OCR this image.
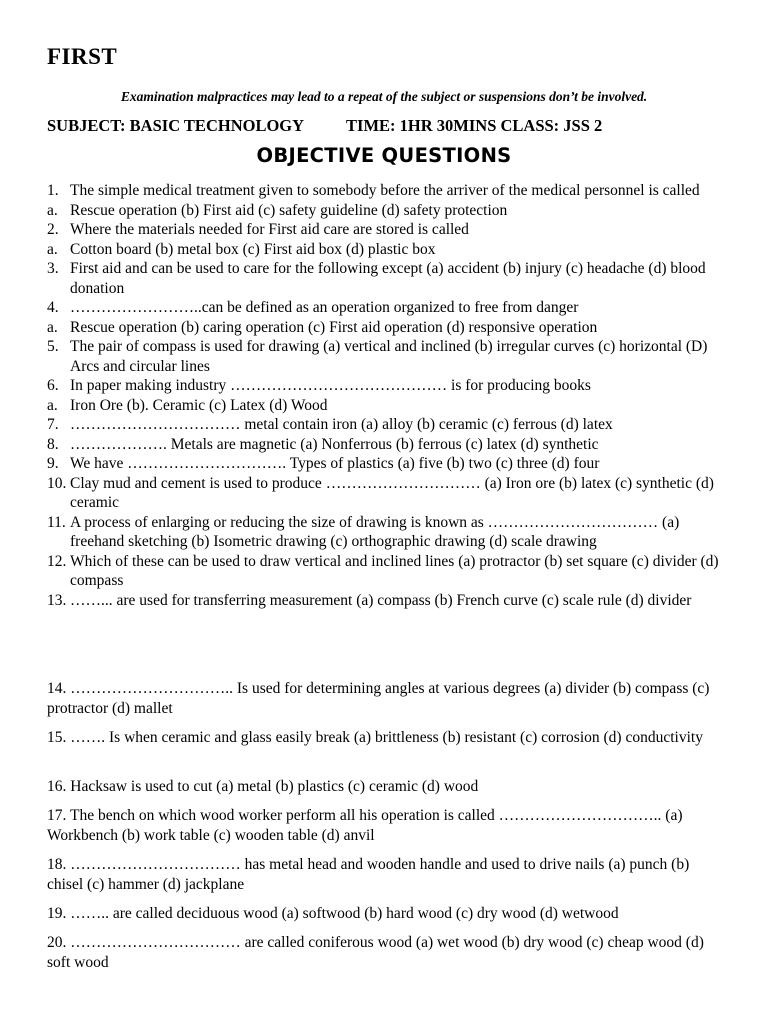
FIRST
Examination malpractices may lead to a repeat of the subject or suspensions don’t be involved.
SUBJECT: BASIC TECHNOLOGY	TIME: 1HR 30MINS CLASS: JSS 2
OBJECTIVE QUESTIONS
1. The simple medical treatment given to somebody before the arriver of the medical personnel is called
a. Rescue operation (b) First aid (c) safety guideline (d) safety protection
2. Where the materials needed for First aid care are stored is called
a. Cotton board (b) metal box (c) First aid box (d) plastic box
3. First aid and can be used to care for the following except (a) accident (b) injury (c) headache (d) blood donation
4. ……………………..can be defined as an operation organized to free from danger
a. Rescue operation (b) caring operation (c) First aid operation (d) responsive operation
5. The pair of compass is used for drawing (a) vertical and inclined (b) irregular curves (c) horizontal (D) Arcs and circular lines
6. In paper making industry …………………………………… is for producing books
a. Iron Ore (b). Ceramic (c) Latex (d) Wood
7. …………………………… metal contain iron (a) alloy (b) ceramic (c) ferrous (d) latex
8. ………………. Metals are magnetic (a) Nonferrous (b) ferrous (c) latex (d) synthetic
9. We have …………………………. Types of plastics (a) five (b) two (c) three (d) four
10. Clay mud and cement is used to produce ………………………… (a) Iron ore (b) latex (c) synthetic (d) ceramic
11. A process of enlarging or reducing the size of drawing is known as …………………………… (a) freehand sketching (b) Isometric drawing (c) orthographic drawing (d) scale drawing
12. Which of these can be used to draw vertical and inclined lines (a) protractor (b) set square (c) divider (d) compass
13. ……... are used for transferring measurement (a) compass (b) French curve (c) scale rule (d) divider

14. ………………………….. Is used for determining angles at various degrees (a) divider (b) compass (c) protractor (d) mallet

15. ……. Is when ceramic and glass easily break (a) brittleness (b) resistant (c) corrosion (d) conductivity

16. Hacksaw is used to cut (a) metal (b) plastics (c) ceramic (d) wood

17. The bench on which wood worker perform all his operation is called ………………………….. (a) Workbench (b) work table (c) wooden table (d) anvil

18. …………………………… has metal head and wooden handle and used to drive nails (a) punch (b) chisel (c) hammer (d) jackplane

19. …….. are called deciduous wood (a) softwood (b) hard wood (c) dry wood (d) wetwood

20. …………………………… are called coniferous wood (a) wet wood (b) dry wood (c) cheap wood (d) soft wood
